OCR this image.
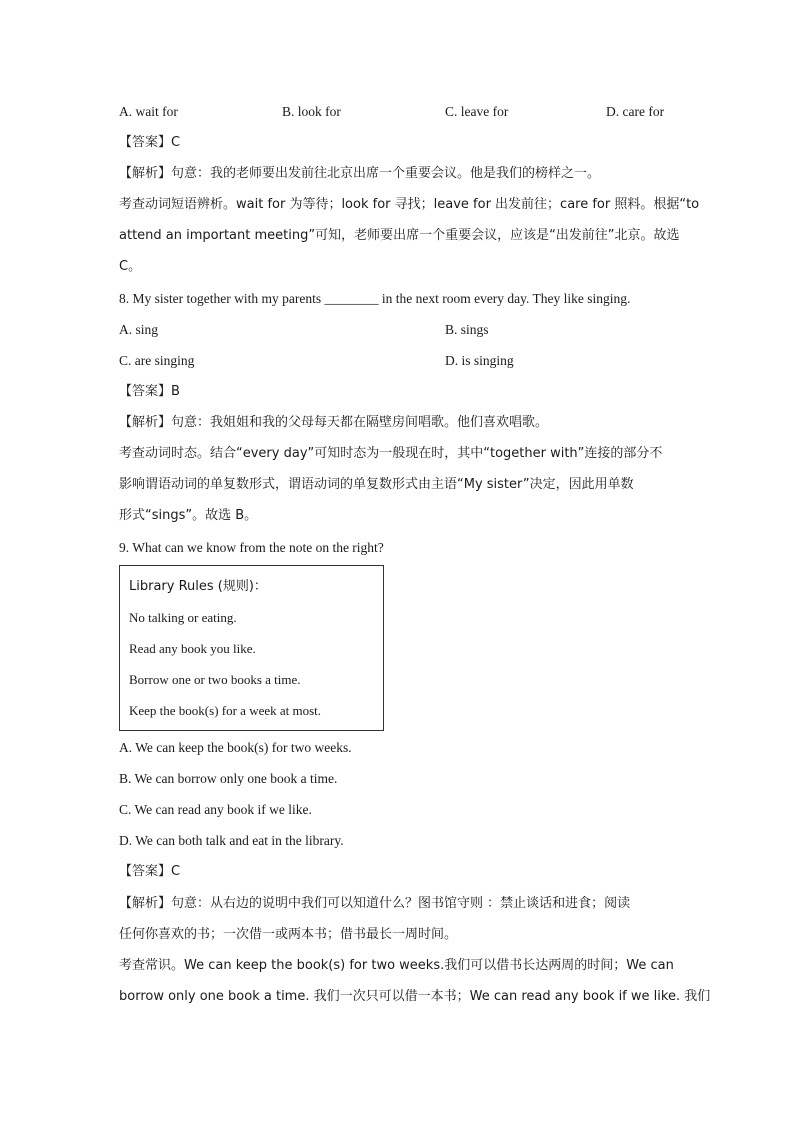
A. wait for	B. look for	C. leave for	D. care for
【答案】C
【解析】句意：我的老师要出发前往北京出席一个重要会议。他是我们的榜样之一。
考查动词短语辨析。wait for 为等待；look for 寻找；leave for 出发前往；care for 照料。根据“to
attend an important meeting”可知，老师要出席一个重要会议，应该是“出发前往”北京。故选
C。
8. My sister together with my parents ________ in the next room every day. They like singing.
A. sing	B. sings
C. are singing	D. is singing
【答案】B
【解析】句意：我姐姐和我的父母每天都在隔壁房间唱歌。他们喜欢唱歌。
考查动词时态。结合“every day”可知时态为一般现在时，其中“together with”连接的部分不
影响谓语动词的单复数形式，谓语动词的单复数形式由主语“My sister”决定，因此用单数
形式“sings”。故选 B。
9. What can we know from the note on the right?
Library Rules (规则)：
No talking or eating.
Read any book you like.
Borrow one or two books a time.
Keep the book(s) for a week at most.
A. We can keep the book(s) for two weeks.
B. We can borrow only one book a time.
C. We can read any book if we like.
D. We can both talk and eat in the library.
【答案】C
【解析】句意：从右边的说明中我们可以知道什么？图书馆守则 ：禁止谈话和进食；阅读
任何你喜欢的书；一次借一或两本书；借书最长一周时间。
考查常识。We can keep the book(s) for two weeks.我们可以借书长达两周的时间；We can
borrow only one book a time. 我们一次只可以借一本书；We can read any book if we like. 我们
